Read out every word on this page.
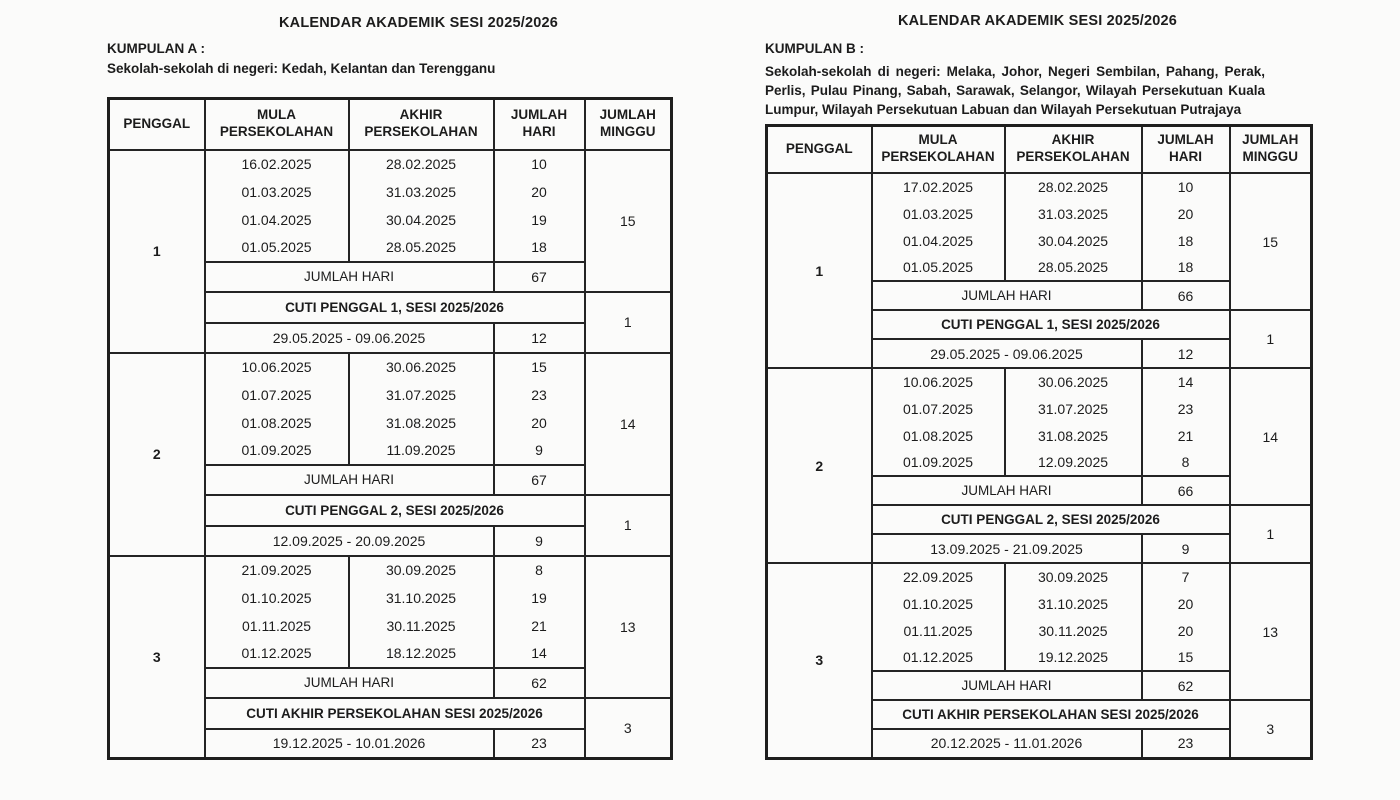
KALENDAR AKADEMIK SESI 2025/2026
KUMPULAN A :
Sekolah-sekolah di negeri: Kedah, Kelantan dan Terengganu
PENGGAL	MULA PERSEKOLAHAN	AKHIR PERSEKOLAHAN	JUMLAH HARI	JUMLAH MINGGU
1	16.02.2025	28.02.2025	10	15
	01.03.2025	31.03.2025	20	
	01.04.2025	30.04.2025	19	
	01.05.2025	28.05.2025	18	
	JUMLAH HARI		67	
	CUTI PENGGAL 1, SESI 2025/2026			1
	29.05.2025 - 09.06.2025		12	
2	10.06.2025	30.06.2025	15	14
	01.07.2025	31.07.2025	23	
	01.08.2025	31.08.2025	20	
	01.09.2025	11.09.2025	9	
	JUMLAH HARI		67	
	CUTI PENGGAL 2, SESI 2025/2026			1
	12.09.2025 - 20.09.2025		9	
3	21.09.2025	30.09.2025	8	13
	01.10.2025	31.10.2025	19	
	01.11.2025	30.11.2025	21	
	01.12.2025	18.12.2025	14	
	JUMLAH HARI		62	
	CUTI AKHIR PERSEKOLAHAN SESI 2025/2026			3
	19.12.2025 - 10.01.2026		23	
KALENDAR AKADEMIK SESI 2025/2026
KUMPULAN B :
Sekolah-sekolah di negeri: Melaka, Johor, Negeri Sembilan, Pahang, Perak, Perlis, Pulau Pinang, Sabah, Sarawak, Selangor, Wilayah Persekutuan Kuala Lumpur, Wilayah Persekutuan Labuan dan Wilayah Persekutuan Putrajaya
PENGGAL	MULA PERSEKOLAHAN	AKHIR PERSEKOLAHAN	JUMLAH HARI	JUMLAH MINGGU
1	17.02.2025	28.02.2025	10	15
	01.03.2025	31.03.2025	20	
	01.04.2025	30.04.2025	18	
	01.05.2025	28.05.2025	18	
	JUMLAH HARI		66	
	CUTI PENGGAL 1, SESI 2025/2026			1
	29.05.2025 - 09.06.2025		12	
2	10.06.2025	30.06.2025	14	14
	01.07.2025	31.07.2025	23	
	01.08.2025	31.08.2025	21	
	01.09.2025	12.09.2025	8	
	JUMLAH HARI		66	
	CUTI PENGGAL 2, SESI 2025/2026			1
	13.09.2025 - 21.09.2025		9	
3	22.09.2025	30.09.2025	7	13
	01.10.2025	31.10.2025	20	
	01.11.2025	30.11.2025	20	
	01.12.2025	19.12.2025	15	
	JUMLAH HARI		62	
	CUTI AKHIR PERSEKOLAHAN SESI 2025/2026			3
	20.12.2025 - 11.01.2026		23	
